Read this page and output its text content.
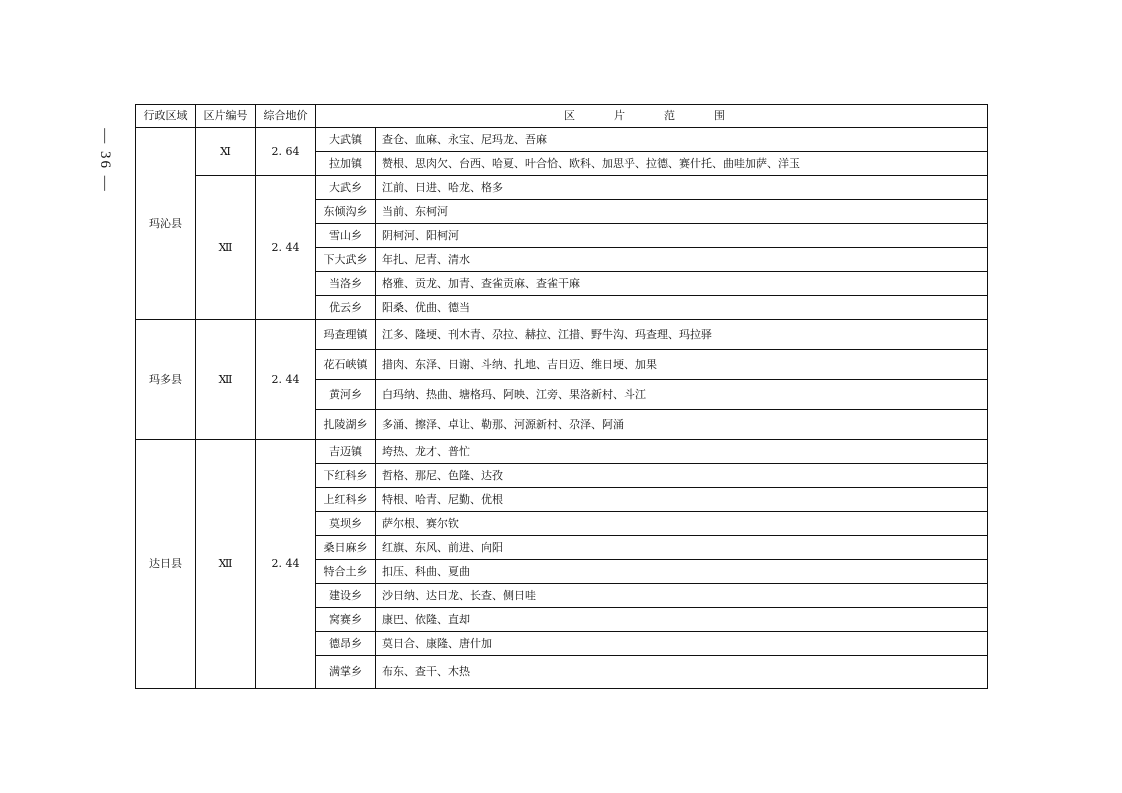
— 36 —
行政区域	区片编号	综合地价	区　片　范　围	
玛沁县	Ⅺ	2. 64	大武镇	查仓、血麻、永宝、尼玛龙、吾麻
			拉加镇	赞根、思肉欠、台西、哈夏、叶合恰、欧科、加思乎、拉德、赛什托、曲哇加萨、洋玉
	Ⅻ	2. 44	大武乡	江前、日进、哈龙、格多
			东倾沟乡	当前、东柯河
			雪山乡	阴柯河、阳柯河
			下大武乡	年扎、尼青、清水
			当洛乡	格雅、贡龙、加青、查雀贡麻、查雀干麻
			优云乡	阳桑、优曲、德当
玛多县	Ⅻ	2. 44	玛查理镇	江多、隆埂、刊木青、尕拉、赫拉、江措、野牛沟、玛查理、玛拉驿
			花石峡镇	措肉、东泽、日谢、斗纳、扎地、吉日迈、维日埂、加果
			黄河乡	白玛纳、热曲、塘格玛、阿映、江旁、果洛新村、斗江
			扎陵湖乡	多涌、擦泽、卓让、勒那、河源新村、尕泽、阿涌
达日县	Ⅻ	2. 44	吉迈镇	垮热、龙才、普忙
			下红科乡	哲格、那尼、色隆、达孜
			上红科乡	特根、哈青、尼勤、优根
			莫坝乡	萨尔根、赛尔钦
			桑日麻乡	红旗、东风、前进、向阳
			特合土乡	扣压、科曲、夏曲
			建设乡	沙日纳、达日龙、长查、侧日哇
			窝赛乡	康巴、依隆、直却
			德昂乡	莫日合、康隆、唐什加
			满掌乡	布东、查干、木热
